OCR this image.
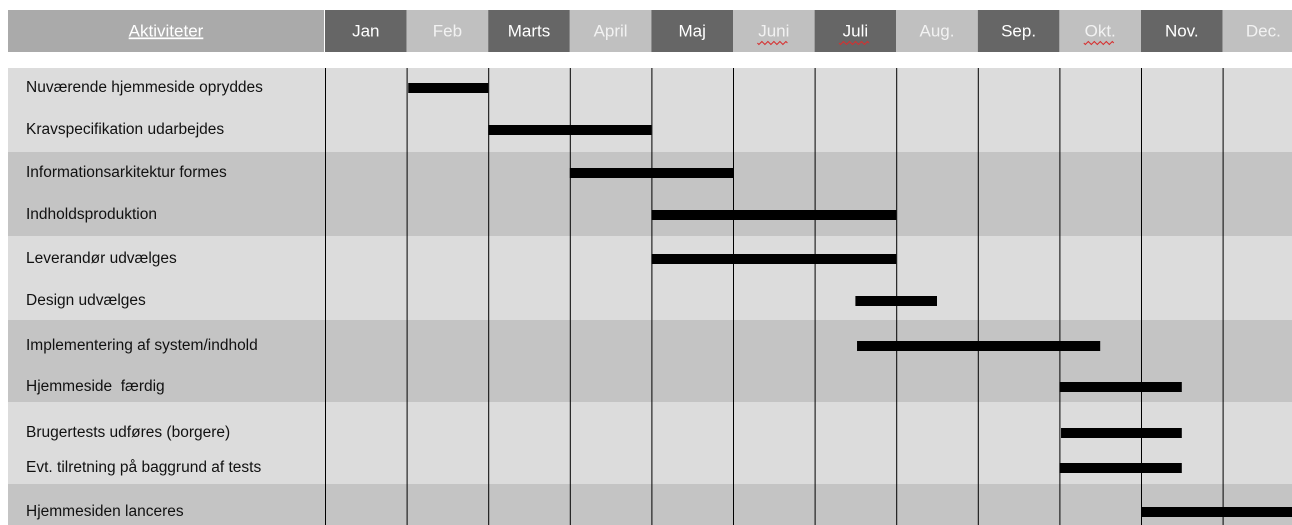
Aktiviteter	Jan	Feb	Marts	April	Maj	Juni	Juli	Aug.	Sep.	Okt.	Nov.	Dec.
Nuværende hjemmeside opryddes
Kravspecifikation udarbejdes
Informationsarkitektur formes
Indholdsproduktion
Leverandør udvælges
Design udvælges
Implementering af system/indhold
Hjemmeside  færdig
Brugertests udføres (borgere)
Evt. tilretning på baggrund af tests
Hjemmesiden lanceres
